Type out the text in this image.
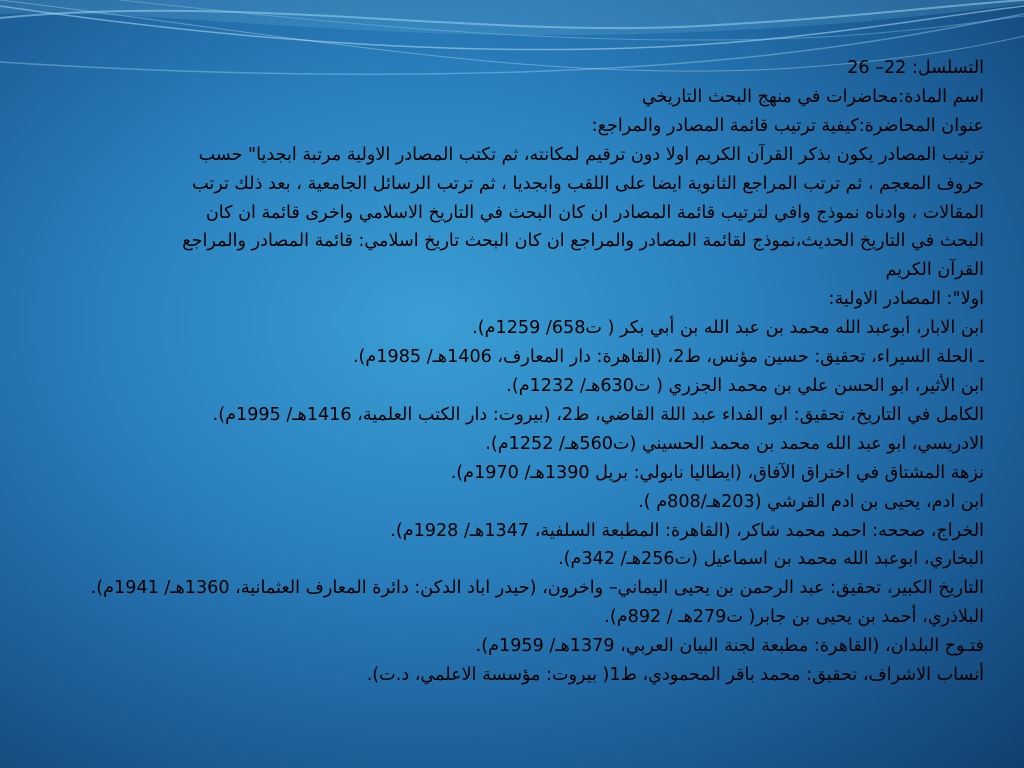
التسلسل: 22– 26
اسم المادة:محاضرات في منهج البحث التاريخي
عنوان المحاضرة:كيفية ترتيب قائمة المصادر والمراجع:
ترتيب المصادر يكون بذكر القرآن الكريم اولا دون ترقيم لمكانته، ثم تكتب المصادر الاولية مرتبة ابجديا" حسب
حروف المعجم ، ثم ترتب المراجع الثانوية ايضا على اللقب وابجديا ، ثم ترتب الرسائل الجامعية ، بعد ذلك ترتب
المقالات ، وادناه نموذج وافي لترتيب قائمة المصادر ان كان البحث في التاريخ الاسلامي واخرى قائمة ان كان
البحث في التاريخ الحديث،نموذج لقائمة المصادر والمراجع ان كان البحث تاريخ اسلامي: قائمة المصادر والمراجع
القرآن الكريم
اولا": المصادر الاولية:
ابن الابار، أبوعبد الله محمد بن عبد الله بن أبي بكر ( ت658/ 1259م).
ـ الحلة السيراء، تحقيق: حسين مؤنس، ط2، (القاهرة: دار المعارف، 1406هـ/ 1985م).
ابن الأثير، ابو الحسن علي بن محمد الجزري ( ت630هـ/ 1232م).
الكامل في التاريخ، تحقيق: ابو الفداء عبد اللة القاضي، ط2، (بيروت: دار الكتب العلمية، 1416هـ/ 1995م).
الادريسي، ابو عبد الله محمد بن محمد الحسيني (ت560هـ/ 1252م).
نزهة المشتاق في اختراق الآفاق، (ايطاليا نابولي: بريل 1390هـ/ 1970م).
ابن ادم، يحيى بن ادم القرشي (203هـ/808م ).
الخراج، صححه: احمد محمد شاكر، (القاهرة: المطبعة السلفية، 1347هـ/ 1928م).
البخاري، ابوعبد الله محمد بن اسماعيل (ت256هـ/ 342م).
التاريخ الكبير، تحقيق: عبد الرحمن بن يحيى اليماني– واخرون، (حيدر اباد الدكن: دائرة المعارف العثمانية، 1360هـ/ 1941م).
البلاذري، أحمد بن يحيى بن جابر( ت279هـ / 892م).
فتـوح البلدان، (القاهرة: مطبعة لجنة البيان العربي، 1379هـ/ 1959م).
أنساب الاشراف، تحقيق: محمد باقر المحمودي، ط1( بيروت: مؤسسة الاعلمي، د.ت).
